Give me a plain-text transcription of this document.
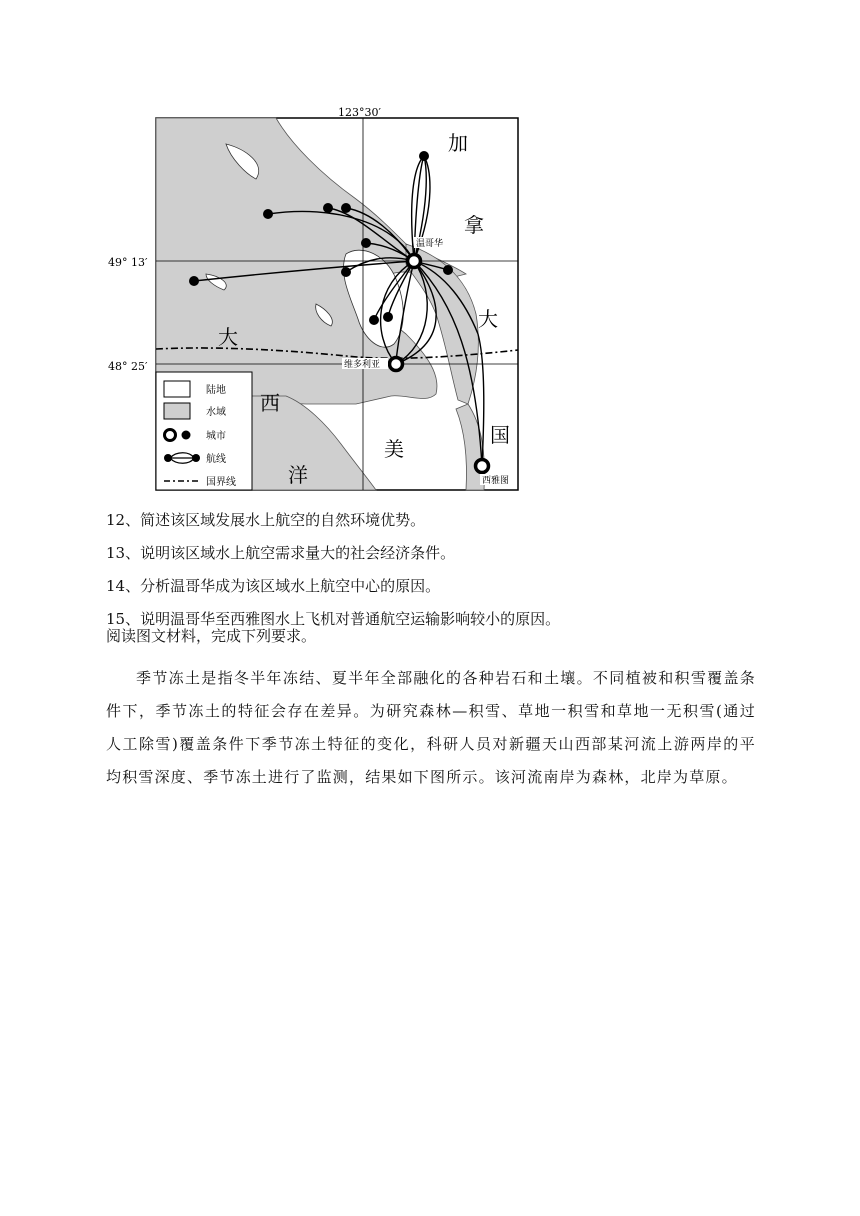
陆地
水域
城市
航线
国界线
123°30′
49° 13′
48° 25′
加
拿
大
大
西
洋
美
国
温哥华
维多利亚
西雅图
12、简述该区域发展水上航空的自然环境优势。
13、说明该区域水上航空需求量大的社会经济条件。
14、分析温哥华成为该区域水上航空中心的原因。
15、说明温哥华至西雅图水上飞机对普通航空运输影响较小的原因。
阅读图文材料，完成下列要求。
季节冻土是指冬半年冻结、夏半年全部融化的各种岩石和土壤。不同植被和积雪覆盖条件下，季节冻土的特征会存在差异。为研究森林—积雪、草地一积雪和草地一无积雪(通过人工除雪)覆盖条件下季节冻土特征的变化，科研人员对新疆天山西部某河流上游两岸的平均积雪深度、季节冻土进行了监测，结果如下图所示。该河流南岸为森林，北岸为草原。
